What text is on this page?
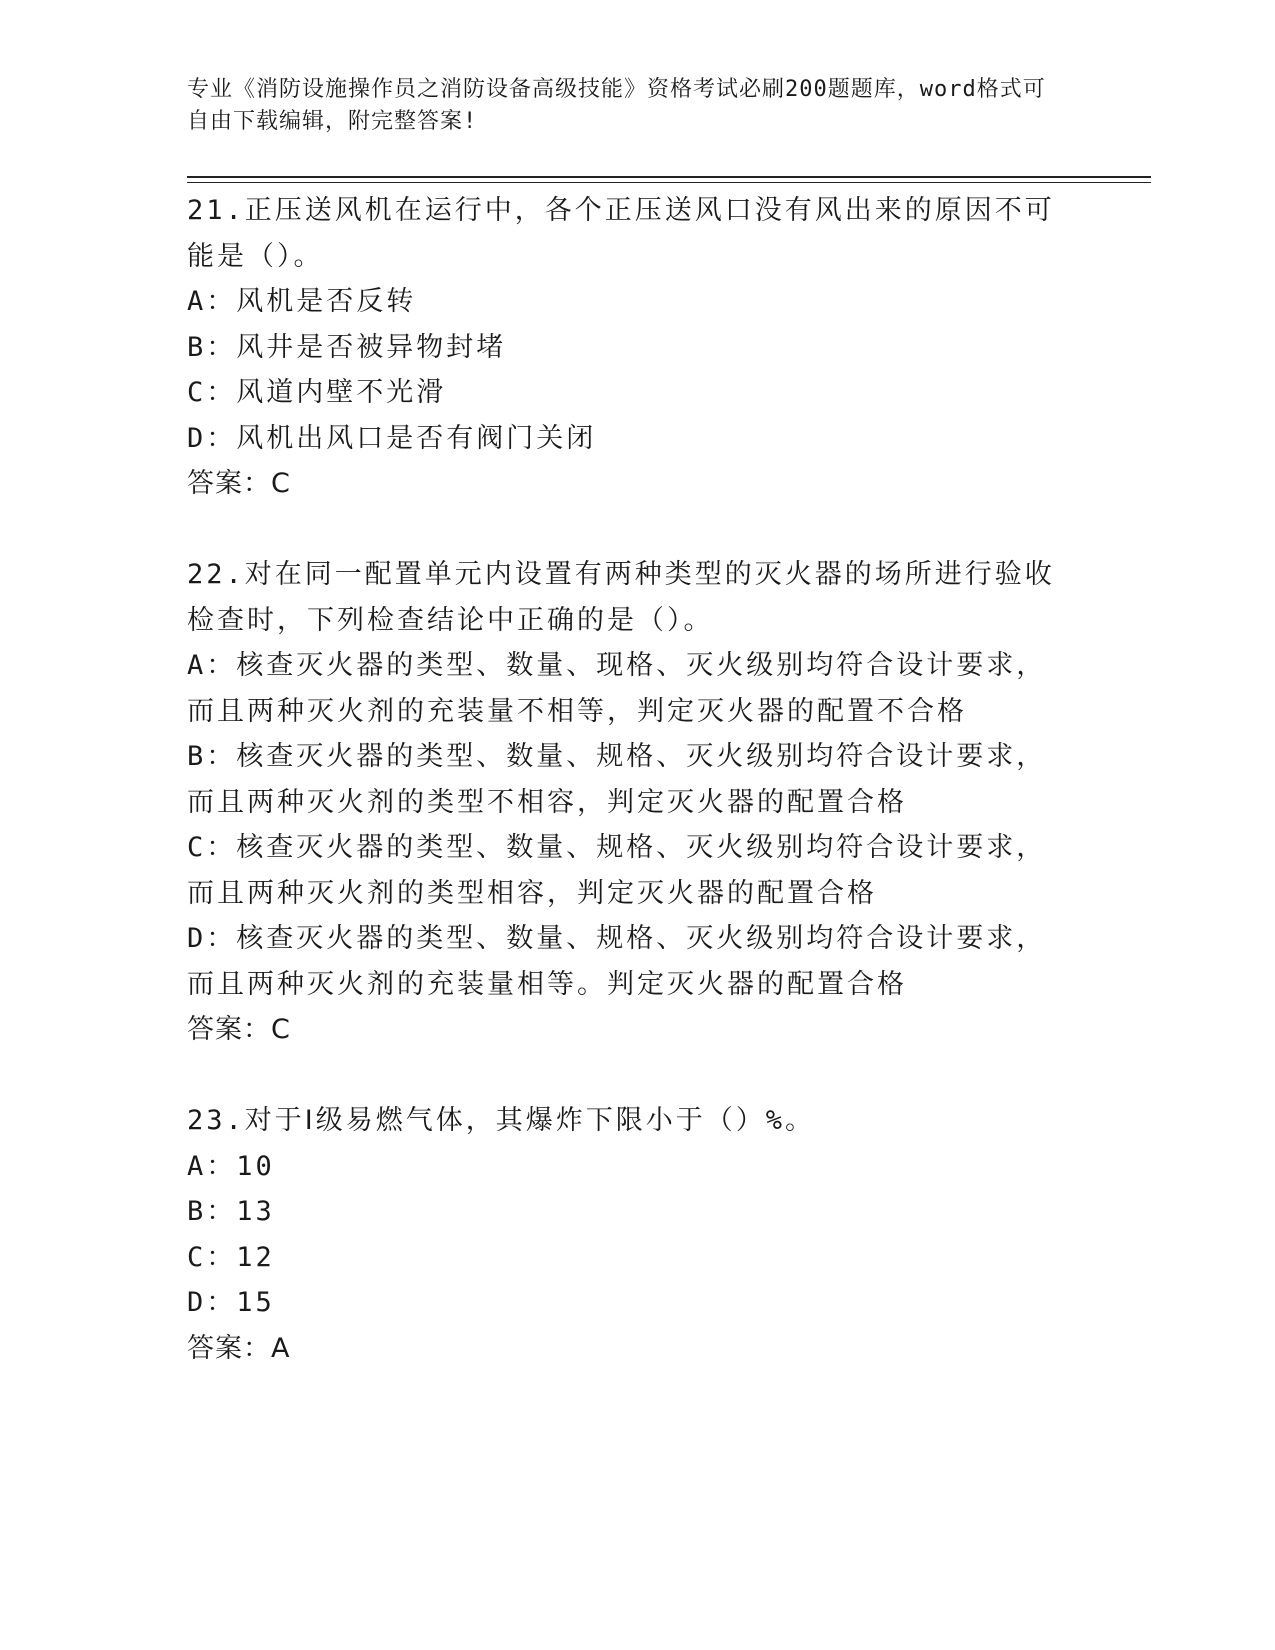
专业《消防设施操作员之消防设备高级技能》资格考试必刷200题题库，word格式可自由下载编辑，附完整答案!

21.正压送风机在运行中，各个正压送风口没有风出来的原因不可能是（）。

A：风机是否反转

B：风井是否被异物封堵

C：风道内壁不光滑

D：风机出风口是否有阀门关闭

答案：C

22.对在同一配置单元内设置有两种类型的灭火器的场所进行验收检查时，下列检查结论中正确的是（）。

A：核查灭火器的类型、数量、现格、灭火级别均符合设计要求，而且两种灭火剂的充装量不相等，判定灭火器的配置不合格

B：核查灭火器的类型、数量、规格、灭火级别均符合设计要求，而且两种灭火剂的类型不相容，判定灭火器的配置合格

C：核查灭火器的类型、数量、规格、灭火级别均符合设计要求，而且两种灭火剂的类型相容，判定灭火器的配置合格

D：核查灭火器的类型、数量、规格、灭火级别均符合设计要求，而且两种灭火剂的充装量相等。判定灭火器的配置合格

答案：C

23.对于Ⅰ级易燃气体，其爆炸下限小于（）%。

A：10

B：13

C：12

D：15

答案：A
